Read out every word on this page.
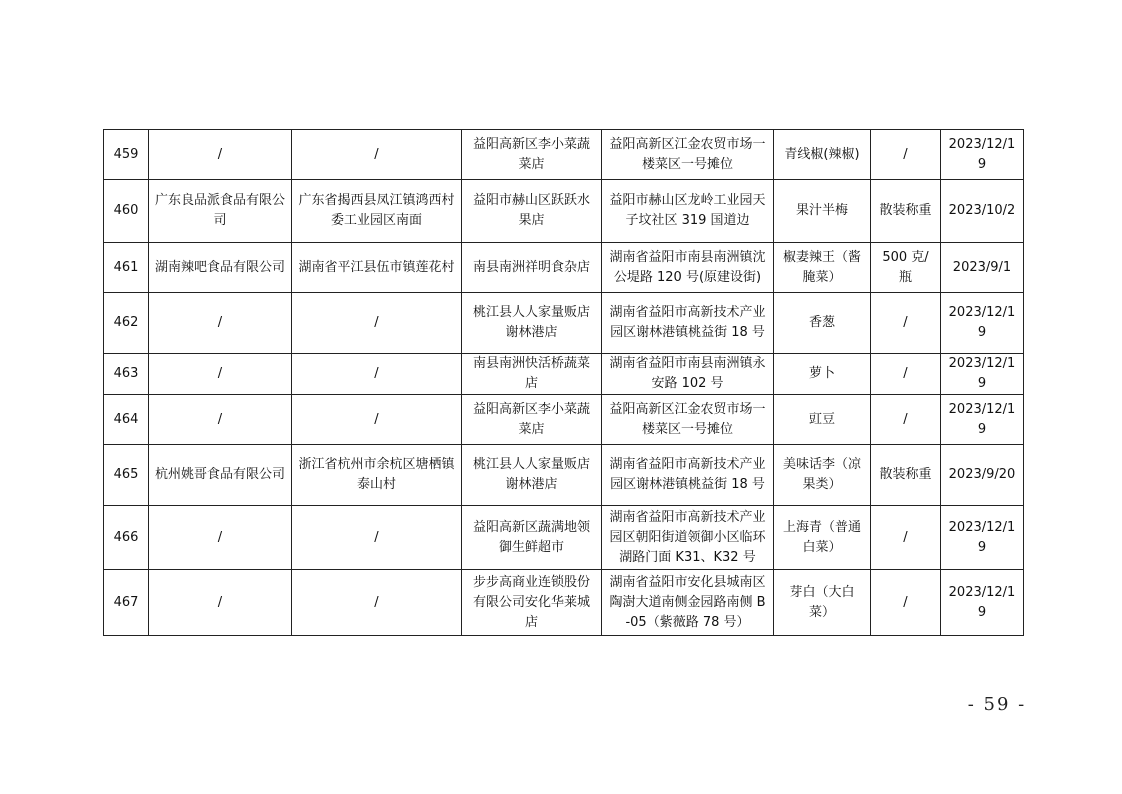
459	/	/	益阳高新区李小菜蔬菜店	益阳高新区江金农贸市场一楼菜区一号摊位	青线椒(辣椒)	/	2023/12/19
460	广东良品派食品有限公司	广东省揭西县凤江镇鸿西村委工业园区南面	益阳市赫山区跃跃水果店	益阳市赫山区龙岭工业园天子坟社区 319 国道边	果汁半梅	散装称重	2023/10/2
461	湖南辣吧食品有限公司	湖南省平江县伍市镇莲花村	南县南洲祥明食杂店	湖南省益阳市南县南洲镇沈公堤路 120 号(原建设街)	椒妻辣王（酱腌菜）	500 克/瓶	2023/9/1
462	/	/	桃江县人人家量贩店谢林港店	湖南省益阳市高新技术产业园区谢林港镇桃益街 18 号	香葱	/	2023/12/19
463	/	/	南县南洲快活桥蔬菜店	湖南省益阳市南县南洲镇永安路 102 号	萝卜	/	2023/12/19
464	/	/	益阳高新区李小菜蔬菜店	益阳高新区江金农贸市场一楼菜区一号摊位	豇豆	/	2023/12/19
465	杭州姚哥食品有限公司	浙江省杭州市余杭区塘栖镇泰山村	桃江县人人家量贩店谢林港店	湖南省益阳市高新技术产业园区谢林港镇桃益街 18 号	美味话李（凉果类）	散装称重	2023/9/20
466	/	/	益阳高新区蔬满地领御生鲜超市	湖南省益阳市高新技术产业园区朝阳街道领御小区临环湖路门面 K31、K32 号	上海青（普通白菜）	/	2023/12/19
467	/	/	步步高商业连锁股份有限公司安化华莱城店	湖南省益阳市安化县城南区陶澍大道南侧金园路南侧 B-05（紫薇路 78 号）	芽白（大白菜）	/	2023/12/19
- 59 -
